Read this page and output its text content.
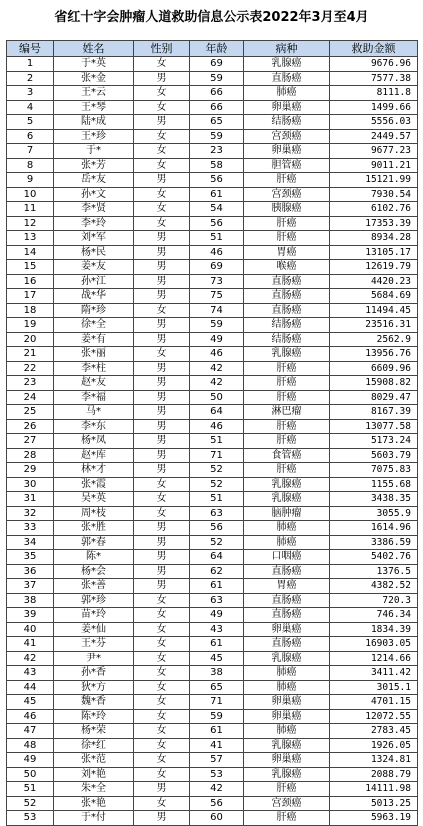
省红十字会肿瘤人道救助信息公示表2022年3月至4月
编号	姓名	性别	年龄	病种	救助金额
1	于*英	女	69	乳腺癌	9676.96
2	张*金	男	59	直肠癌	7577.38
3	王*云	女	66	肺癌	8111.8
4	王*琴	女	66	卵巢癌	1499.66
5	陆*成	男	65	结肠癌	5556.03
6	王*珍	女	59	宫颈癌	2449.57
7	于*	女	23	卵巢癌	9677.23
8	张*芳	女	58	胆管癌	9011.21
9	岳*友	男	56	肝癌	15121.99
10	孙*文	女	61	宫颈癌	7930.54
11	李*贤	女	54	胰腺癌	6102.76
12	李*玲	女	56	肝癌	17353.39
13	刘*军	男	51	肝癌	8934.28
14	杨*民	男	46	胃癌	13105.17
15	姜*友	男	69	喉癌	12619.79
16	孙*江	男	73	直肠癌	4420.23
17	战*华	男	75	直肠癌	5684.69
18	隋*珍	女	74	直肠癌	11494.45
19	徐*全	男	59	结肠癌	23516.31
20	姜*有	男	49	结肠癌	2562.9
21	张*丽	女	46	乳腺癌	13956.76
22	李*柱	男	42	肝癌	6609.96
23	赵*友	男	42	肝癌	15908.82
24	李*福	男	50	肝癌	8029.47
25	马*	男	64	淋巴瘤	8167.39
26	李*东	男	46	肝癌	13077.58
27	杨*凤	男	51	肝癌	5173.24
28	赵*库	男	71	食管癌	5603.79
29	林*才	男	52	肝癌	7075.83
30	张*霞	女	52	乳腺癌	1155.68
31	吴*英	女	51	乳腺癌	3438.35
32	周*枝	女	63	脑肿瘤	3055.9
33	张*胜	男	56	肺癌	1614.96
34	郭*春	男	52	肺癌	3386.59
35	陈*	男	64	口咽癌	5402.76
36	杨*会	男	62	直肠癌	1376.5
37	张*善	男	61	胃癌	4382.52
38	郭*珍	女	63	直肠癌	720.3
39	苗*玲	女	49	直肠癌	746.34
40	姜*仙	女	43	卵巢癌	1834.39
41	王*芬	女	61	直肠癌	16903.05
42	尹*	女	45	乳腺癌	1214.66
43	孙*香	女	38	肺癌	3411.42
44	狄*方	女	65	肺癌	3015.1
45	魏*香	女	71	卵巢癌	4701.15
46	陈*玲	女	59	卵巢癌	12072.55
47	杨*荣	女	61	肺癌	2783.45
48	徐*红	女	41	乳腺癌	1926.05
49	张*范	女	57	卵巢癌	1324.81
50	刘*艳	女	53	乳腺癌	2088.79
51	朱*全	男	42	肝癌	14111.98
52	张*艳	女	56	宫颈癌	5013.25
53	于*付	男	60	肝癌	5963.19
